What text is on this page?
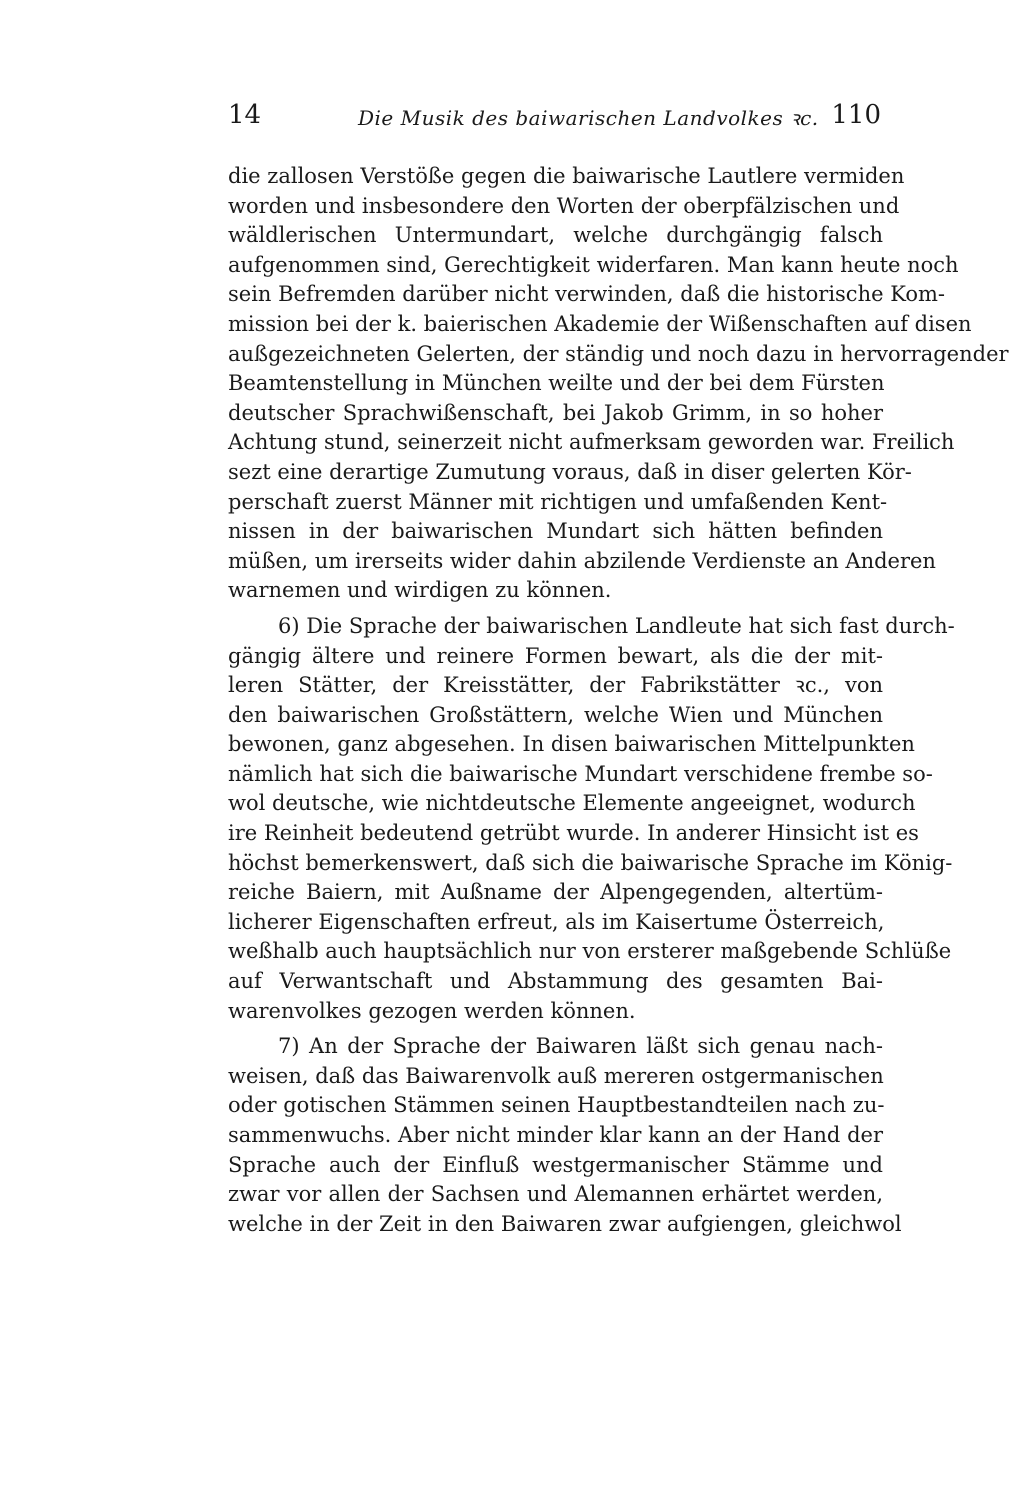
14	Die Musik des baiwarischen Landvolkes ꝛc. 110
die zallosen Verstöße gegen die baiwarische Lautlere vermiden
worden und insbesondere den Worten der oberpfälzischen und
wäldlerischen Untermundart, welche durchgängig falsch
aufgenommen sind, Gerechtigkeit widerfaren. Man kann heute noch
sein Befremden darüber nicht verwinden, daß die historische Kom-
mission bei der k. baierischen Akademie der Wißenschaften auf disen
außgezeichneten Gelerten, der ständig und noch dazu in hervorragender
Beamtenstellung in München weilte und der bei dem Fürsten
deutscher Sprachwißenschaft, bei Jakob Grimm, in so hoher
Achtung stund, seinerzeit nicht aufmerksam geworden war. Freilich
sezt eine derartige Zumutung voraus, daß in diser gelerten Kör-
perschaft zuerst Männer mit richtigen und umfaßenden Kent-
nissen in der baiwarischen Mundart sich hätten befinden
müßen, um irerseits wider dahin abzilende Verdienste an Anderen
warnemen und wirdigen zu können.
6) Die Sprache der baiwarischen Landleute hat sich fast durch-
gängig ältere und reinere Formen bewart, als die der mit-
leren Stätter, der Kreisstätter, der Fabrikstätter ꝛc., von
den baiwarischen Großstättern, welche Wien und München
bewonen, ganz abgesehen. In disen baiwarischen Mittelpunkten
nämlich hat sich die baiwarische Mundart verschidene frembe so-
wol deutsche, wie nichtdeutsche Elemente angeeignet, wodurch
ire Reinheit bedeutend getrübt wurde. In anderer Hinsicht ist es
höchst bemerkenswert, daß sich die baiwarische Sprache im König-
reiche Baiern, mit Außname der Alpengegenden, altertüm-
licherer Eigenschaften erfreut, als im Kaisertume Österreich,
weßhalb auch hauptsächlich nur von ersterer maßgebende Schlüße
auf Verwantschaft und Abstammung des gesamten Bai-
warenvolkes gezogen werden können.
7) An der Sprache der Baiwaren läßt sich genau nach-
weisen, daß das Baiwarenvolk auß mereren ostgermanischen
oder gotischen Stämmen seinen Hauptbestandteilen nach zu-
sammenwuchs. Aber nicht minder klar kann an der Hand der
Sprache auch der Einfluß westgermanischer Stämme und
zwar vor allen der Sachsen und Alemannen erhärtet werden,
welche in der Zeit in den Baiwaren zwar aufgiengen, gleichwol
